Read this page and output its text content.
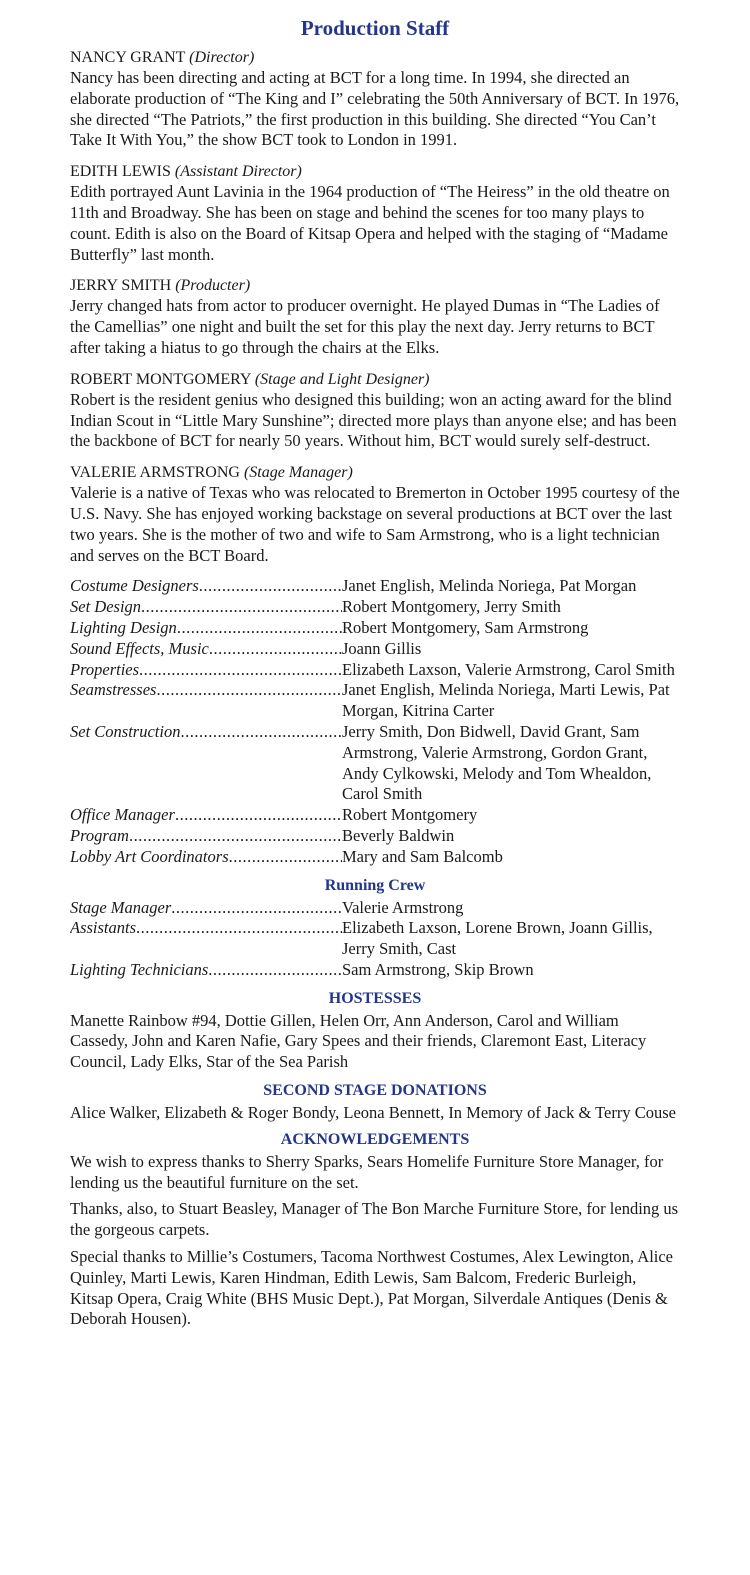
Production Staff
NANCY GRANT (Director)

Nancy has been directing and acting at BCT for a long time. In 1994, she directed an elaborate production of “The King and I” celebrating the 50th Anniversary of BCT. In 1976, she directed “The Patriots,” the first production in this building. She directed “You Can’t Take It With You,” the show BCT took to London in 1991.

EDITH LEWIS (Assistant Director)

Edith portrayed Aunt Lavinia in the 1964 production of “The Heiress” in the old theatre on 11th and Broadway. She has been on stage and behind the scenes for too many plays to count. Edith is also on the Board of Kitsap Opera and helped with the staging of “Madame Butterfly” last month.

JERRY SMITH (Producter)

Jerry changed hats from actor to producer overnight. He played Dumas in “The Ladies of the Camellias” one night and built the set for this play the next day. Jerry returns to BCT after taking a hiatus to go through the chairs at the Elks.

ROBERT MONTGOMERY (Stage and Light Designer)

Robert is the resident genius who designed this building; won an acting award for the blind Indian Scout in “Little Mary Sunshine”; directed more plays than anyone else; and has been the backbone of BCT for nearly 50 years. Without him, BCT would surely self-destruct.

VALERIE ARMSTRONG (Stage Manager)

Valerie is a native of Texas who was relocated to Bremerton in October 1995 courtesy of the U.S. Navy. She has enjoyed working backstage on several productions at BCT over the last two years. She is the mother of two and wife to Sam Armstrong, who is a light technician and serves on the BCT Board.

Costume Designers .....	Janet English, Melinda Noriega, Pat Morgan
Set Design .....	Robert Montgomery, Jerry Smith
Lighting Design .....	Robert Montgomery, Sam Armstrong
Sound Effects, Music .....	Joann Gillis
Properties .....	Elizabeth Laxson, Valerie Armstrong, Carol Smith
Seamstresses .....	Janet English, Melinda Noriega, Marti Lewis, Pat Morgan, Kitrina Carter
Set Construction .....	Jerry Smith, Don Bidwell, David Grant, Sam Armstrong, Valerie Armstrong, Gordon Grant, Andy Cylkowski, Melody and Tom Whealdon, Carol Smith
Office Manager .....	Robert Montgomery
Program .....	Beverly Baldwin
Lobby Art Coordinators .....	Mary and Sam Balcomb
Running Crew
Stage Manager .....	Valerie Armstrong
Assistants .....	Elizabeth Laxson, Lorene Brown, Joann Gillis, Jerry Smith, Cast
Lighting Technicians .....	Sam Armstrong, Skip Brown
HOSTESSES

Manette Rainbow #94, Dottie Gillen, Helen Orr, Ann Anderson, Carol and William Cassedy, John and Karen Nafie, Gary Spees and their friends, Claremont East, Literacy Council, Lady Elks, Star of the Sea Parish

SECOND STAGE DONATIONS

Alice Walker, Elizabeth & Roger Bondy, Leona Bennett, In Memory of Jack & Terry Couse

ACKNOWLEDGEMENTS

We wish to express thanks to Sherry Sparks, Sears Homelife Furniture Store Manager, for lending us the beautiful furniture on the set.

Thanks, also, to Stuart Beasley, Manager of The Bon Marche Furniture Store, for lending us the gorgeous carpets.

Special thanks to Millie’s Costumers, Tacoma Northwest Costumes, Alex Lewington, Alice Quinley, Marti Lewis, Karen Hindman, Edith Lewis, Sam Balcom, Frederic Burleigh, Kitsap Opera, Craig White (BHS Music Dept.), Pat Morgan, Silverdale Antiques (Denis & Deborah Housen).
